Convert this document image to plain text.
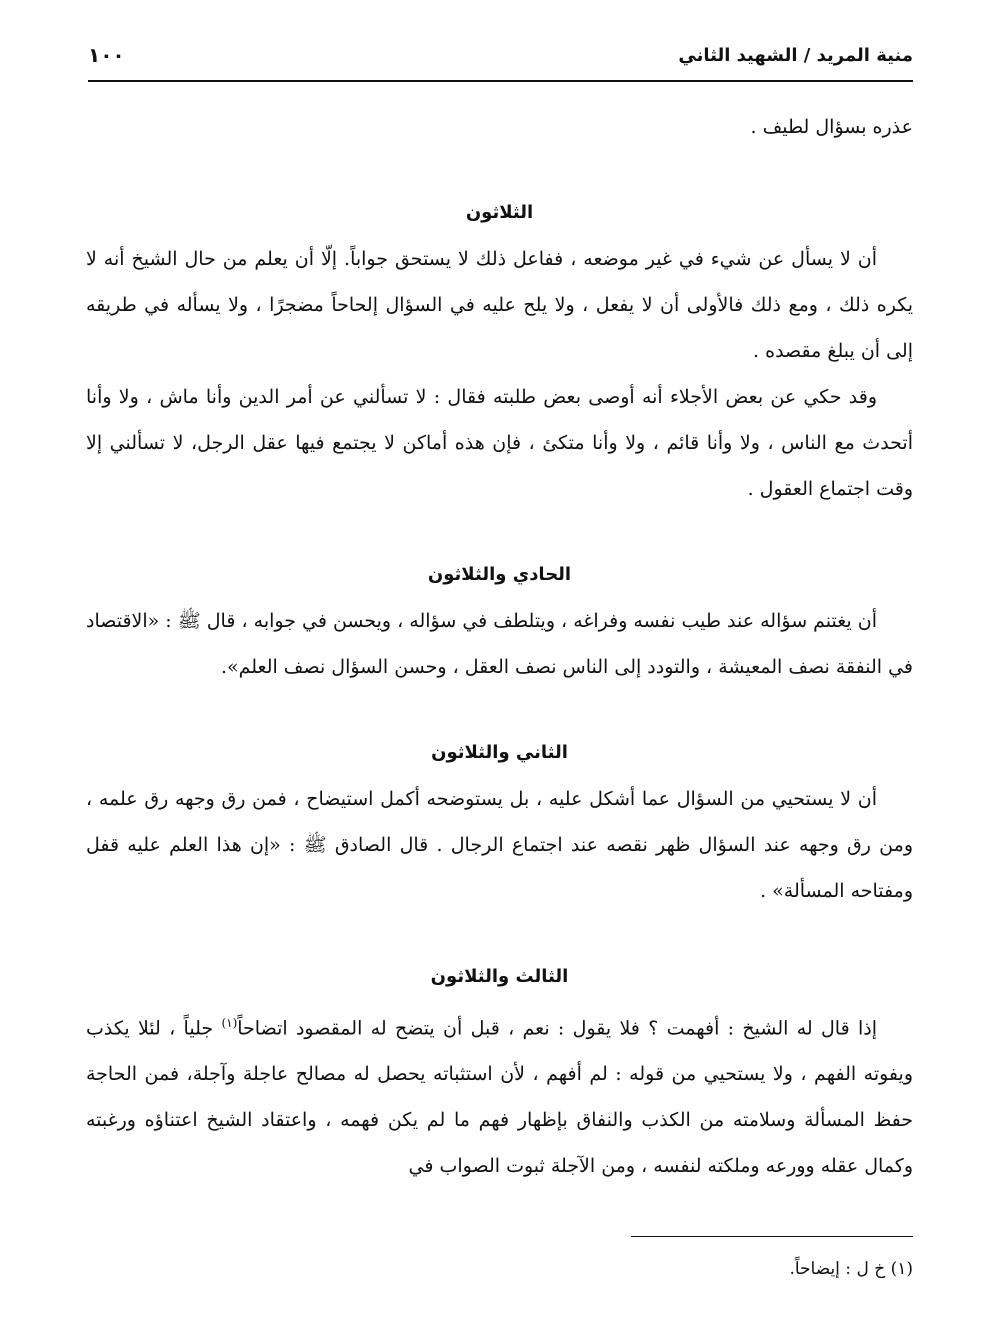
منية المريد / الشهيد الثاني
١٠٠

عذره بسؤال لطيف .

الثلاثون

أن لا يسأل عن شيء في غير موضعه ، ففاعل ذلك لا يستحق جواباً. إلّا أن يعلم من حال الشيخ أنه لا يكره ذلك ، ومع ذلك فالأولى أن لا يفعل ، ولا يلح عليه في السؤال إلحاحاً مضجرًا ، ولا يسأله في طريقه إلى أن يبلغ مقصده .

وقد حكي عن بعض الأجلاء أنه أوصى بعض طلبته فقال : لا تسألني عن أمر الدين وأنا ماش ، ولا وأنا أتحدث مع الناس ، ولا وأنا قائم ، ولا وأنا متكئ ، فإن هذه أماكن لا يجتمع فيها عقل الرجل، لا تسألني إلا وقت اجتماع العقول .

الحادي والثلاثون

أن يغتنم سؤاله عند طيب نفسه وفراغه ، ويتلطف في سؤاله ، ويحسن في جوابه ، قال ﷺ : «الاقتصاد في النفقة نصف المعيشة ، والتودد إلى الناس نصف العقل ، وحسن السؤال نصف العلم».

الثاني والثلاثون

أن لا يستحيي من السؤال عما أشكل عليه ، بل يستوضحه أكمل استيضاح ، فمن رق وجهه رق علمه ، ومن رق وجهه عند السؤال ظهر نقصه عند اجتماع الرجال . قال الصادق ﷺ : «إن هذا العلم عليه قفل ومفتاحه المسألة» .

الثالث والثلاثون

إذا قال له الشيخ : أفهمت ؟ فلا يقول : نعم ، قبل أن يتضح له المقصود اتضاحاً$^{(١)}$ جلياً ، لئلا يكذب ويفوته الفهم ، ولا يستحيي من قوله : لم أفهم ، لأن استثباته يحصل له مصالح عاجلة وآجلة، فمن الحاجة حفظ المسألة وسلامته من الكذب والنفاق بإظهار فهم ما لم يكن فهمه ، واعتقاد الشيخ اعتناؤه ورغبته وكمال عقله وورعه وملكته لنفسه ، ومن الآجلة ثبوت الصواب في

(١) خ ل : إيضاحاً.
